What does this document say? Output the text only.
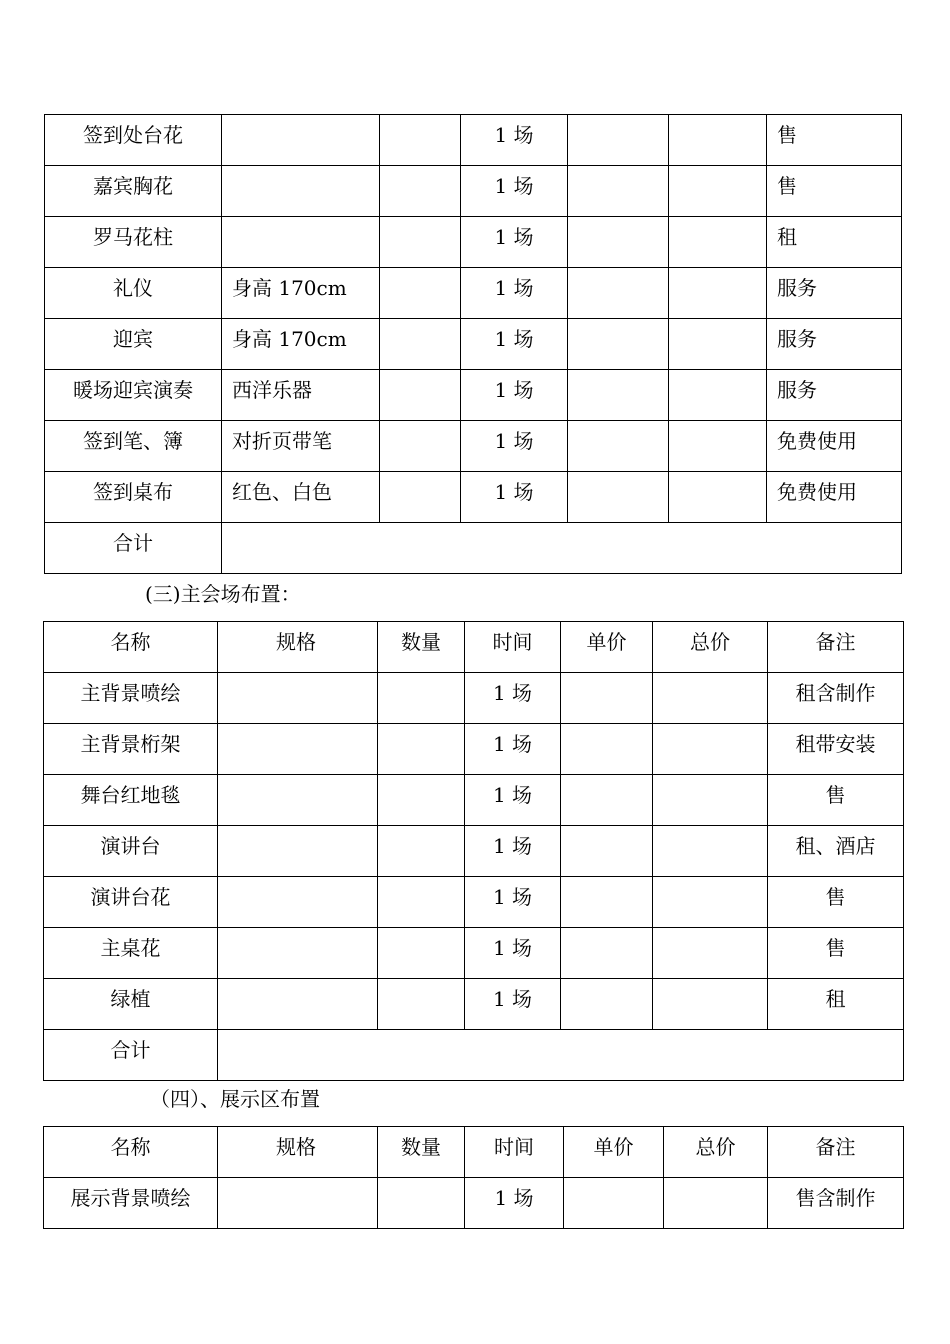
签到处台花			1 场			售
嘉宾胸花			1 场			售
罗马花柱			1 场			租
礼仪	身高 170cm		1 场			服务
迎宾	身高 170cm		1 场			服务
暖场迎宾演奏	西洋乐器		1 场			服务
签到笔、簿	对折页带笔		1 场			免费使用
签到桌布	红色、白色		1 场			免费使用
合计						
(三)主会场布置：
名称	规格	数量	时间	单价	总价	备注
主背景喷绘			1 场			租含制作
主背景桁架			1 场			租带安装
舞台红地毯			1 场			售
演讲台			1 场			租、酒店
演讲台花			1 场			售
主桌花			1 场			售
绿植			1 场			租
合计						
（四）、展示区布置
名称	规格	数量	时间	单价	总价	备注
展示背景喷绘			1 场			售含制作
